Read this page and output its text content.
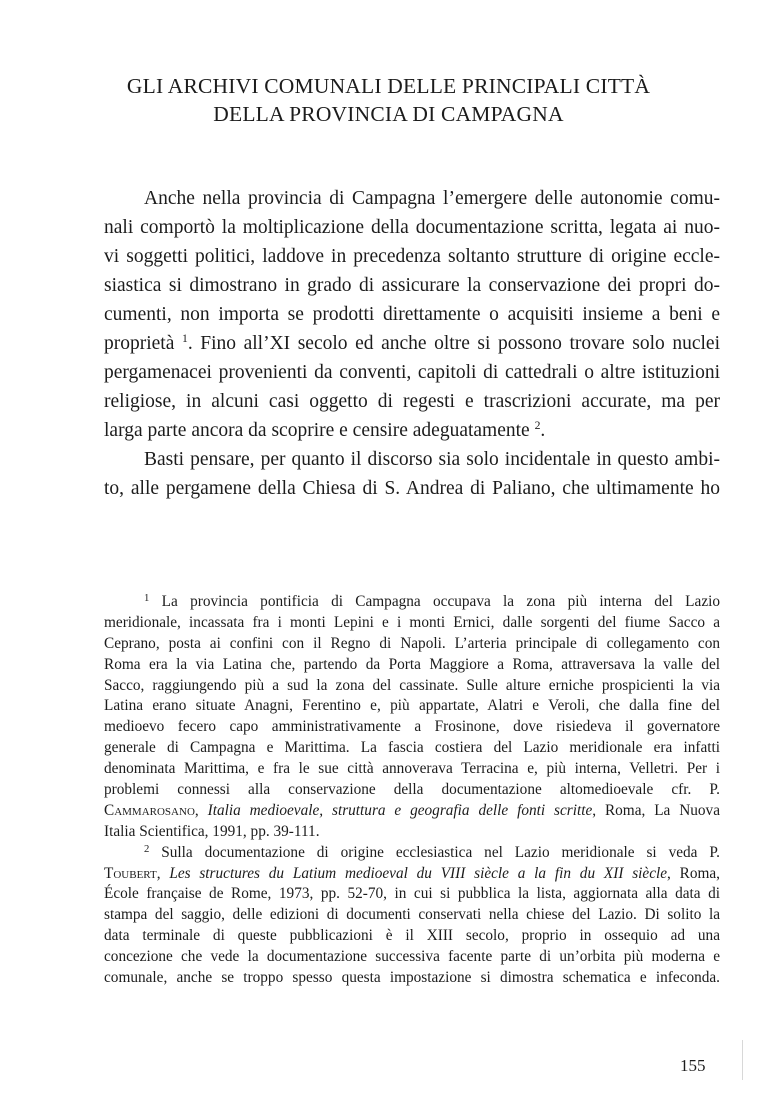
GLI ARCHIVI COMUNALI DELLE PRINCIPALI CITTÀ
DELLA PROVINCIA DI CAMPAGNA
Anche nella provincia di Campagna l’emergere delle autonomie comu-
nali comportò la moltiplicazione della documentazione scritta, legata ai nuo-
vi soggetti politici, laddove in precedenza soltanto strutture di origine eccle-
siastica si dimostrano in grado di assicurare la conservazione dei propri do-
cumenti, non importa se prodotti direttamente o acquisiti insieme a beni e
proprietà $^1$. Fino all’XI secolo ed anche oltre si possono trovare solo nuclei
pergamenacei provenienti da conventi, capitoli di cattedrali o altre istituzioni
religiose, in alcuni casi oggetto di regesti e trascrizioni accurate, ma per
larga parte ancora da scoprire e censire adeguatamente $^2$.
Basti pensare, per quanto il discorso sia solo incidentale in questo ambi-
to, alle pergamene della Chiesa di S. Andrea di Paliano, che ultimamente ho
$^1$ La provincia pontificia di Campagna occupava la zona più interna del Lazio
meridionale, incassata fra i monti Lepini e i monti Ernici, dalle sorgenti del fiume Sacco a
Ceprano, posta ai confini con il Regno di Napoli. L’arteria principale di collegamento con
Roma era la via Latina che, partendo da Porta Maggiore a Roma, attraversava la valle del
Sacco, raggiungendo più a sud la zona del cassinate. Sulle alture erniche prospicienti la via
Latina erano situate Anagni, Ferentino e, più appartate, Alatri e Veroli, che dalla fine del
medioevo fecero capo amministrativamente a Frosinone, dove risiedeva il governatore
generale di Campagna e Marittima. La fascia costiera del Lazio meridionale era infatti
denominata Marittima, e fra le sue città annoverava Terracina e, più interna, Velletri. Per i
problemi connessi alla conservazione della documentazione altomedioevale cfr. P.
Cammarosano, Italia medioevale, struttura e geografia delle fonti scritte, Roma, La Nuova
Italia Scientifica, 1991, pp. 39-111.
$^2$ Sulla documentazione di origine ecclesiastica nel Lazio meridionale si veda P.
Toubert, Les structures du Latium medioeval du VIII siècle a la fin du XII siècle, Roma,
École française de Rome, 1973, pp. 52-70, in cui si pubblica la lista, aggiornata alla data di
stampa del saggio, delle edizioni di documenti conservati nella chiese del Lazio. Di solito la
data terminale di queste pubblicazioni è il XIII secolo, proprio in ossequio ad una
concezione che vede la documentazione successiva facente parte di un’orbita più moderna e
comunale, anche se troppo spesso questa impostazione si dimostra schematica e infeconda.
155
